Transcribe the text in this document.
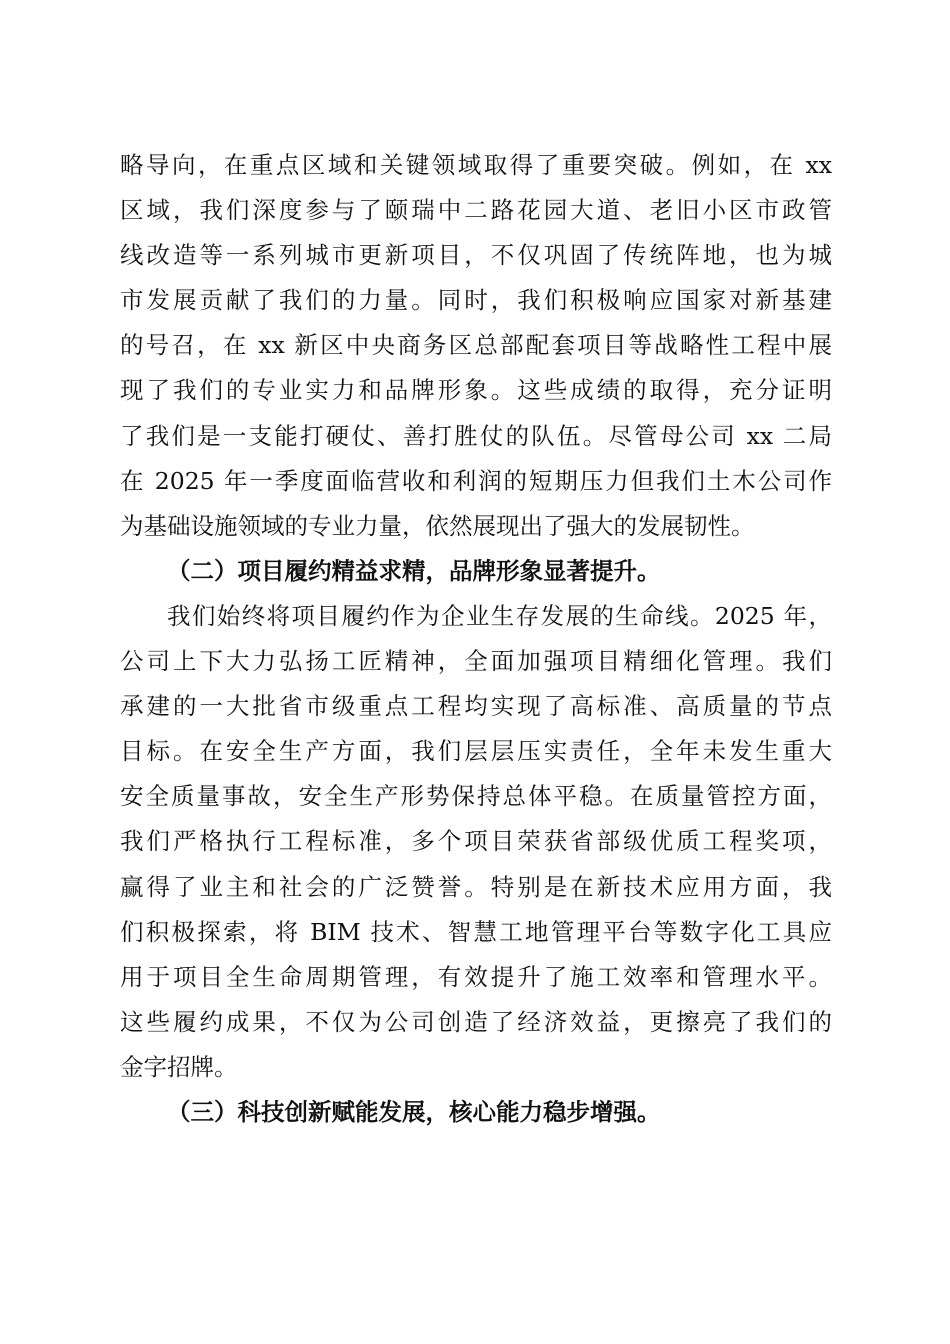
略导向，在重点区域和关键领域取得了重要突破。例如，在 xx
区域，我们深度参与了颐瑞中二路花园大道、老旧小区市政管
线改造等一系列城市更新项目，不仅巩固了传统阵地，也为城
市发展贡献了我们的力量。同时，我们积极响应国家对新基建
的号召，在 xx 新区中央商务区总部配套项目等战略性工程中展
现了我们的专业实力和品牌形象。这些成绩的取得，充分证明
了我们是一支能打硬仗、善打胜仗的队伍。尽管母公司 xx 二局
在 2025 年一季度面临营收和利润的短期压力但我们土木公司作
为基础设施领域的专业力量，依然展现出了强大的发展韧性。
（二）项目履约精益求精，品牌形象显著提升。
我们始终将项目履约作为企业生存发展的生命线。2025 年，
公司上下大力弘扬工匠精神，全面加强项目精细化管理。我们
承建的一大批省市级重点工程均实现了高标准、高质量的节点
目标。在安全生产方面，我们层层压实责任，全年未发生重大
安全质量事故，安全生产形势保持总体平稳。在质量管控方面，
我们严格执行工程标准，多个项目荣获省部级优质工程奖项，
赢得了业主和社会的广泛赞誉。特别是在新技术应用方面，我
们积极探索，将 BIM 技术、智慧工地管理平台等数字化工具应
用于项目全生命周期管理，有效提升了施工效率和管理水平。
这些履约成果，不仅为公司创造了经济效益，更擦亮了我们的
金字招牌。
（三）科技创新赋能发展，核心能力稳步增强。
